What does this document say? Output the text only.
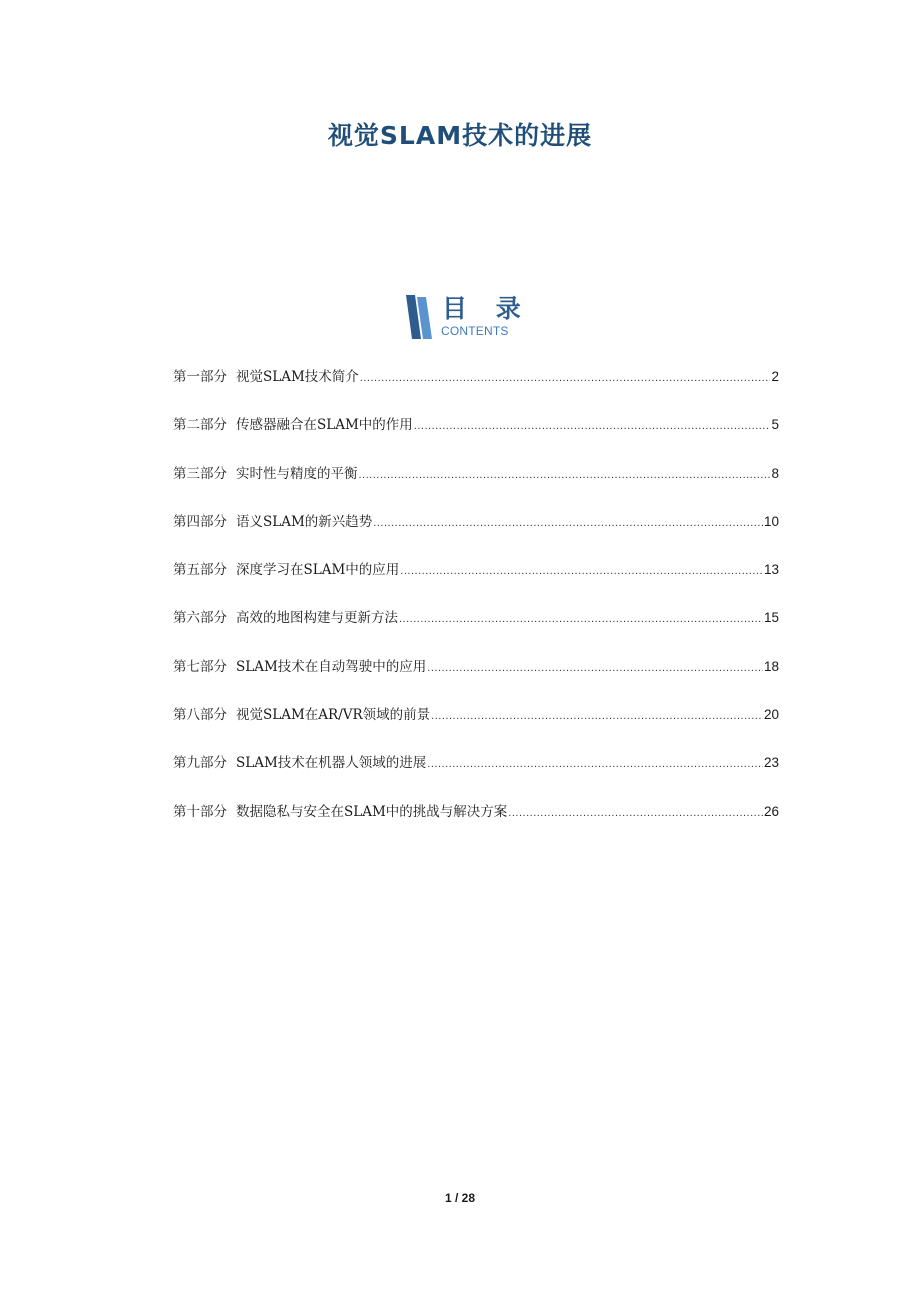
视觉SLAM技术的进展
目 录
CONTENTS
第一部分 视觉SLAM技术简介 .....	2
第二部分 传感器融合在SLAM中的作用 .....	5
第三部分 实时性与精度的平衡 .....	8
第四部分 语义SLAM的新兴趋势 .....	10
第五部分 深度学习在SLAM中的应用 .....	13
第六部分 高效的地图构建与更新方法 .....	15
第七部分 SLAM技术在自动驾驶中的应用 .....	18
第八部分 视觉SLAM在AR/VR领域的前景 .....	20
第九部分 SLAM技术在机器人领域的进展 .....	23
第十部分 数据隐私与安全在SLAM中的挑战与解决方案 .....	26
1 / 28
